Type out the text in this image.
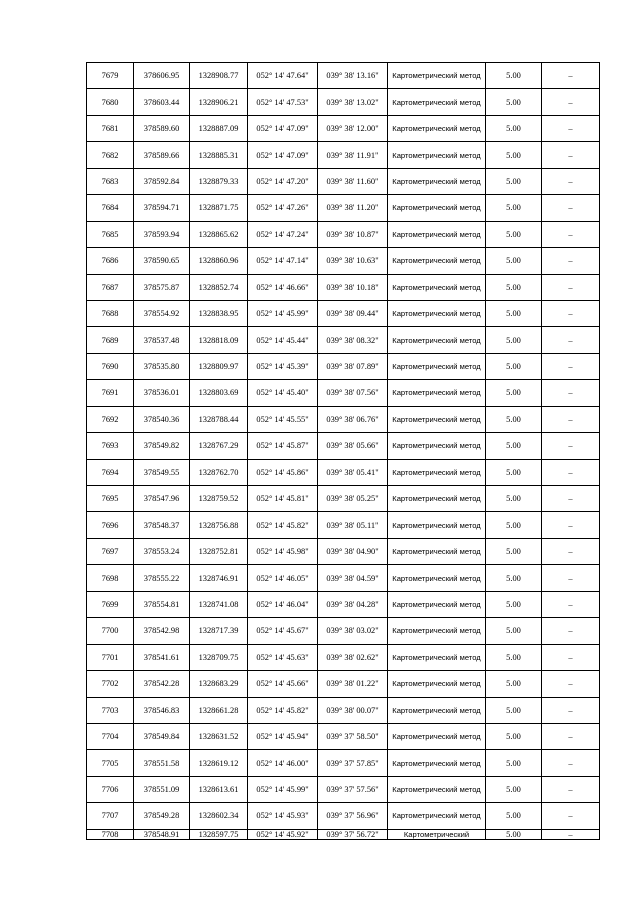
7679	378606.95	1328908.77	052° 14' 47.64"	039° 38' 13.16"	Картометрический метод	5.00	–
7680	378603.44	1328906.21	052° 14' 47.53"	039° 38' 13.02"	Картометрический метод	5.00	–
7681	378589.60	1328887.09	052° 14' 47.09"	039° 38' 12.00"	Картометрический метод	5.00	–
7682	378589.66	1328885.31	052° 14' 47.09"	039° 38' 11.91"	Картометрический метод	5.00	–
7683	378592.84	1328879.33	052° 14' 47.20"	039° 38' 11.60"	Картометрический метод	5.00	–
7684	378594.71	1328871.75	052° 14' 47.26"	039° 38' 11.20"	Картометрический метод	5.00	–
7685	378593.94	1328865.62	052° 14' 47.24"	039° 38' 10.87"	Картометрический метод	5.00	–
7686	378590.65	1328860.96	052° 14' 47.14"	039° 38' 10.63"	Картометрический метод	5.00	–
7687	378575.87	1328852.74	052° 14' 46.66"	039° 38' 10.18"	Картометрический метод	5.00	–
7688	378554.92	1328838.95	052° 14' 45.99"	039° 38' 09.44"	Картометрический метод	5.00	–
7689	378537.48	1328818.09	052° 14' 45.44"	039° 38' 08.32"	Картометрический метод	5.00	–
7690	378535.80	1328809.97	052° 14' 45.39"	039° 38' 07.89"	Картометрический метод	5.00	–
7691	378536.01	1328803.69	052° 14' 45.40"	039° 38' 07.56"	Картометрический метод	5.00	–
7692	378540.36	1328788.44	052° 14' 45.55"	039° 38' 06.76"	Картометрический метод	5.00	–
7693	378549.82	1328767.29	052° 14' 45.87"	039° 38' 05.66"	Картометрический метод	5.00	–
7694	378549.55	1328762.70	052° 14' 45.86"	039° 38' 05.41"	Картометрический метод	5.00	–
7695	378547.96	1328759.52	052° 14' 45.81"	039° 38' 05.25"	Картометрический метод	5.00	–
7696	378548.37	1328756.88	052° 14' 45.82"	039° 38' 05.11"	Картометрический метод	5.00	–
7697	378553.24	1328752.81	052° 14' 45.98"	039° 38' 04.90"	Картометрический метод	5.00	–
7698	378555.22	1328746.91	052° 14' 46.05"	039° 38' 04.59"	Картометрический метод	5.00	–
7699	378554.81	1328741.08	052° 14' 46.04"	039° 38' 04.28"	Картометрический метод	5.00	–
7700	378542.98	1328717.39	052° 14' 45.67"	039° 38' 03.02"	Картометрический метод	5.00	–
7701	378541.61	1328709.75	052° 14' 45.63"	039° 38' 02.62"	Картометрический метод	5.00	–
7702	378542.28	1328683.29	052° 14' 45.66"	039° 38' 01.22"	Картометрический метод	5.00	–
7703	378546.83	1328661.28	052° 14' 45.82"	039° 38' 00.07"	Картометрический метод	5.00	–
7704	378549.84	1328631.52	052° 14' 45.94"	039° 37' 58.50"	Картометрический метод	5.00	–
7705	378551.58	1328619.12	052° 14' 46.00"	039° 37' 57.85"	Картометрический метод	5.00	–
7706	378551.09	1328613.61	052° 14' 45.99"	039° 37' 57.56"	Картометрический метод	5.00	–
7707	378549.28	1328602.34	052° 14' 45.93"	039° 37' 56.96"	Картометрический метод	5.00	–
7708	378548.91	1328597.75	052° 14' 45.92"	039° 37' 56.72"	Картометрический	5.00	–
